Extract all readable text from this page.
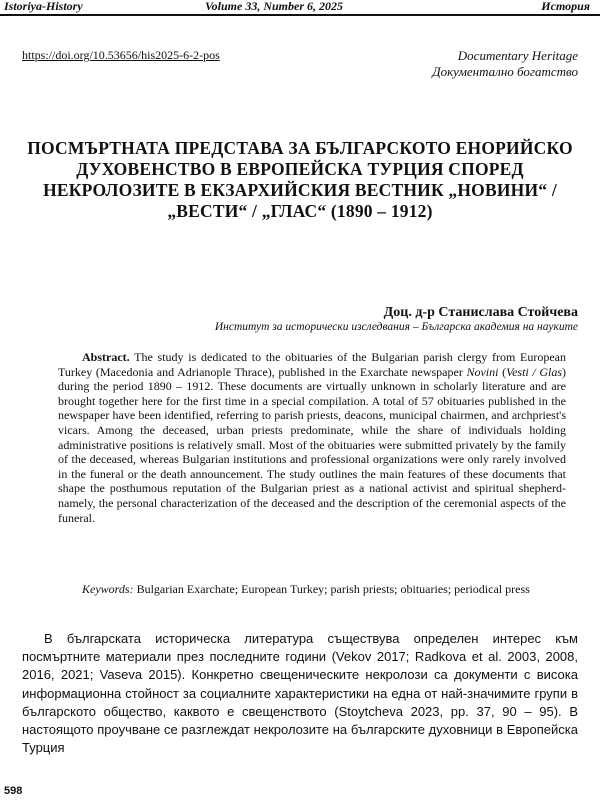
Istoriya-History	Volume 33, Number 6, 2025	История
https://doi.org/10.53656/his2025-6-2-pos	Documentary Heritage
Документално богатство
ПОСМЪРТНАТА ПРЕДСТАВА ЗА БЪЛГАРСКОТО ЕНОРИЙСКО ДУХОВЕНСТВО В ЕВРОПЕЙСКА ТУРЦИЯ СПОРЕД НЕКРОЛОЗИТЕ В ЕКЗАРХИЙСКИЯ ВЕСТНИК „НОВИНИ“ / „ВЕСТИ“ / „ГЛАС“ (1890 – 1912)
Доц. д-р Станислава Стойчева
Институт за исторически изследвания – Българска академия на науките
Abstract. The study is dedicated to the obituaries of the Bulgarian parish clergy from European Turkey (Macedonia and Adrianople Thrace), published in the Exarchate newspaper Novini (Vesti / Glas) during the period 1890 – 1912. These documents are virtually unknown in scholarly literature and are brought together here for the first time in a special compilation. A total of 57 obituaries published in the newspaper have been identified, referring to parish priests, deacons, municipal chairmen, and archpriest's vicars. Among the deceased, urban priests predominate, while the share of individuals holding administrative positions is relatively small. Most of the obituaries were submitted privately by the family of the deceased, whereas Bulgarian institutions and professional organizations were only rarely involved in the funeral or the death announcement. The study outlines the main features of these documents that shape the posthumous reputation of the Bulgarian priest as a national activist and spiritual shepherd-namely, the personal characterization of the deceased and the description of the ceremonial aspects of the funeral.
Keywords: Bulgarian Exarchate; European Turkey; parish priests; obituaries; periodical press
В българската историческа литература съществува определен интерес към посмъртните материали през последните години (Vekov 2017; Radkova et al. 2003, 2008, 2016, 2021; Vaseva 2015). Конкретно свещеническите некролози са документи с висока информационна стойност за социалните характеристики на една от най-значимите групи в българското общество, каквото е свещенството (Stoytcheva 2023, pp. 37, 90 – 95). В настоящото проучване се разглеждат некролозите на българските духовници в Европейска Турция
598
